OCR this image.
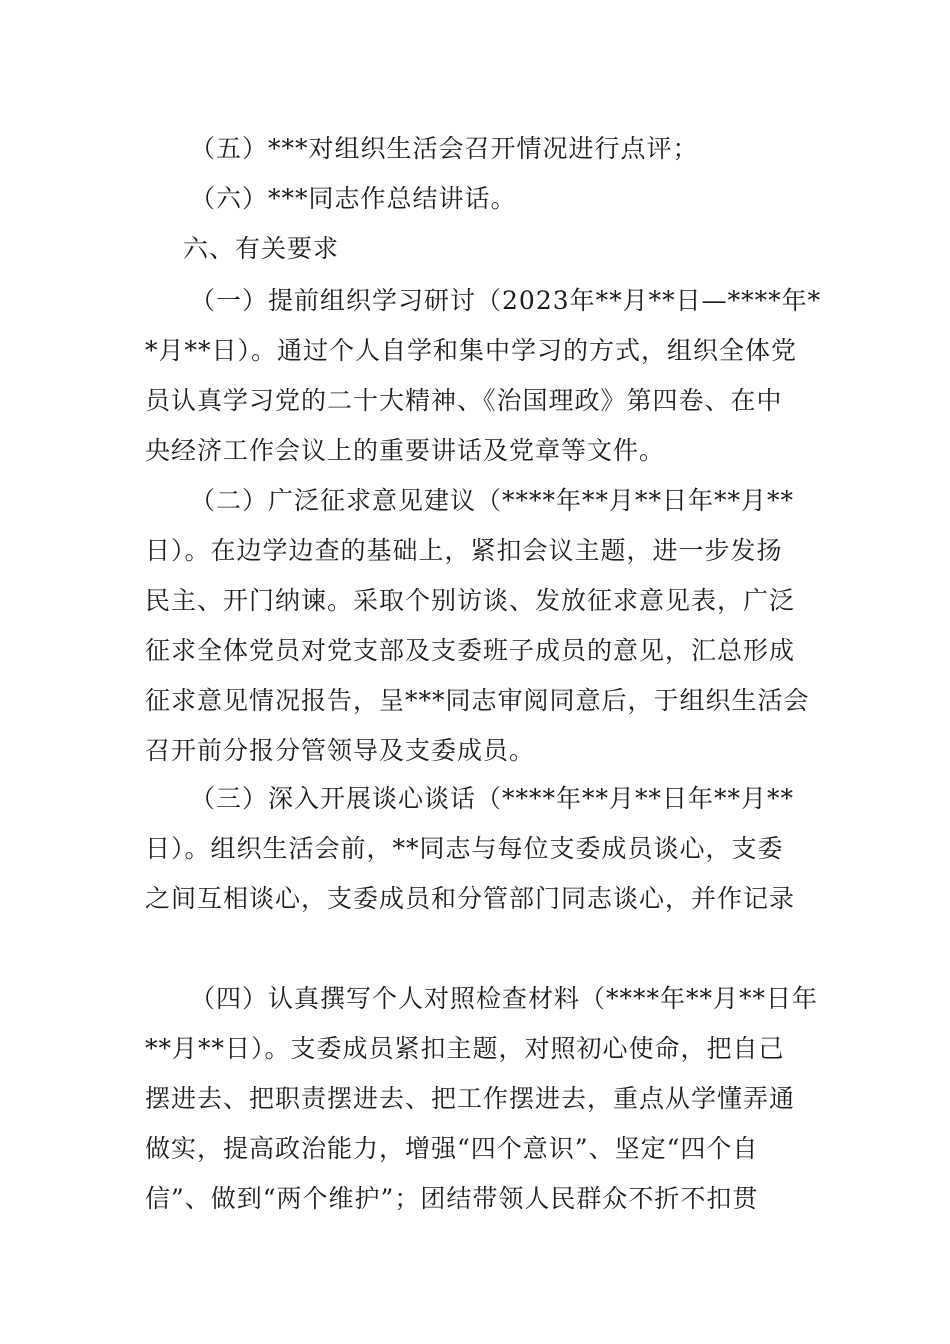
（五）***对组织生活会召开情况进行点评；
（六）***同志作总结讲话。
六、有关要求
（一）提前组织学习研讨（2023年**月**日—****年*
*月**日）。通过个人自学和集中学习的方式，组织全体党
员认真学习党的二十大精神、《治国理政》第四卷、在中
央经济工作会议上的重要讲话及党章等文件。
（二）广泛征求意见建议（****年**月**日年**月**
日）。在边学边查的基础上，紧扣会议主题，进一步发扬
民主、开门纳谏。采取个别访谈、发放征求意见表，广泛
征求全体党员对党支部及支委班子成员的意见，汇总形成
征求意见情况报告，呈***同志审阅同意后，于组织生活会
召开前分报分管领导及支委成员。
（三）深入开展谈心谈话（****年**月**日年**月**
日）。组织生活会前，**同志与每位支委成员谈心，支委
之间互相谈心，支委成员和分管部门同志谈心，并作记录
（四）认真撰写个人对照检查材料（****年**月**日年
**月**日）。支委成员紧扣主题，对照初心使命，把自己
摆进去、把职责摆进去、把工作摆进去，重点从学懂弄通
做实，提高政治能力，增强“四个意识”、坚定“四个自
信”、做到“两个维护”；团结带领人民群众不折不扣贯
